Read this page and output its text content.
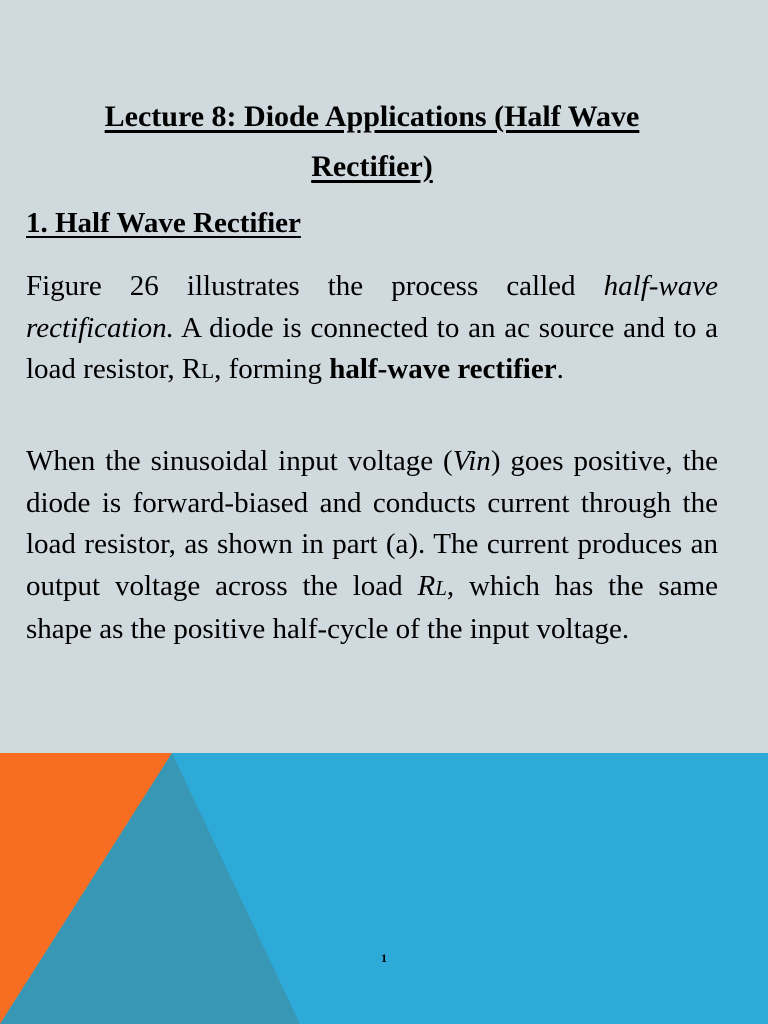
Lecture 8: Diode Applications (Half Wave Rectifier)
1. Half Wave Rectifier

Figure 26 illustrates the process called half-wave rectification. A diode is connected to an ac source and to a load resistor, RL, forming half-wave rectifier.

When the sinusoidal input voltage (Vin) goes positive, the diode is forward-biased and conducts current through the load resistor, as shown in part (a). The current produces an output voltage across the load RL, which has the same shape as the positive half-cycle of the input voltage.

1
